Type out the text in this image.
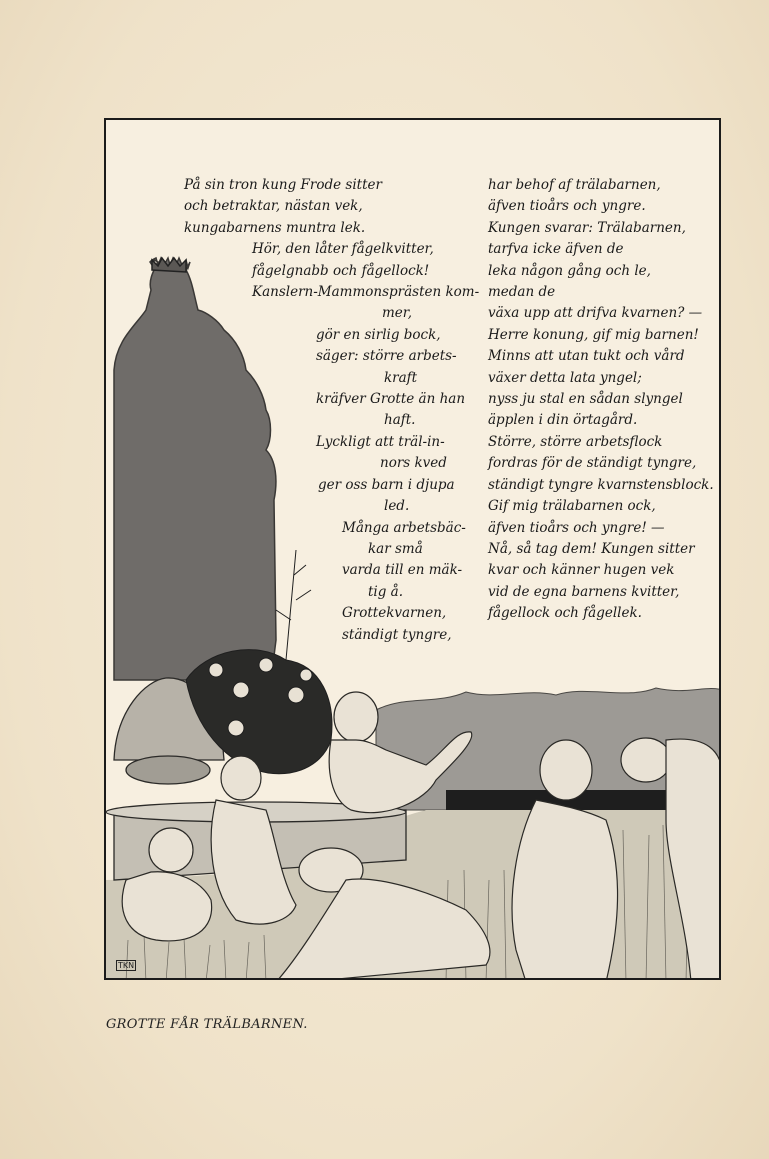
På sin tron kung Frode sitter
och betraktar, nästan vek,
kungabarnens muntra lek.
Hör, den låter fågelkvitter,
fågelgnabb och fågellock!
Kanslern-Mammonsprästen kom-
mer,
gör en sirlig bock,
säger: större arbets-
kraft
kräfver Grotte än han
haft.
Lyckligt att träl-in-
nors kved
ger oss barn i djupa
led.
Många arbetsbäc-
kar små
varda till en mäk-
tig å.
Grottekvarnen,
ständigt tyngre,
har behof af trälabarnen,
äfven tioårs och yngre.
Kungen svarar: Trälabarnen,
tarfva icke äfven de
leka någon gång och le,
medan de
växa upp att drifva kvarnen? —
Herre konung, gif mig barnen!
Minns att utan tukt och vård
växer detta lata yngel;
nyss ju stal en sådan slyngel
äpplen i din örtagård.
Större, större arbetsflock
fordras för de ständigt tyngre,
ständigt tyngre kvarnstensblock.
Gif mig trälabarnen ock,
äfven tioårs och yngre! —
Nå, så tag dem! Kungen sitter
kvar och känner hugen vek
vid de egna barnens kvitter,
fågellock och fågellek.
TKN
GROTTE FÅR TRÄLBARNEN.
